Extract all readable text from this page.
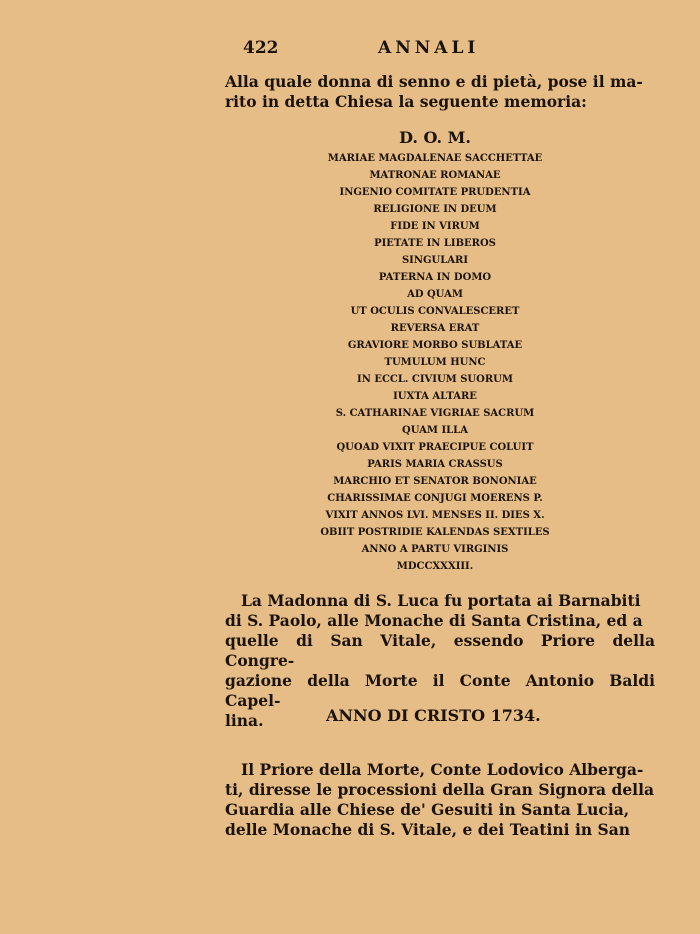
422	ANNALI
Alla quale donna di senno e di pietà, pose il ma-
rito in detta Chiesa la seguente memoria:
D. O. M.
MARIAE MAGDALENAE SACCHETTAE
MATRONAE ROMANAE
INGENIO COMITATE PRUDENTIA
RELIGIONE IN DEUM
FIDE IN VIRUM
PIETATE IN LIBEROS
SINGULARI
PATERNA IN DOMO
AD QUAM
UT OCULIS CONVALESCERET
REVERSA ERAT
GRAVIORE MORBO SUBLATAE
TUMULUM HUNC
IN ECCL. CIVIUM SUORUM
IUXTA ALTARE
S. CATHARINAE VIGRIAE SACRUM
QUAM ILLA
QUOAD VIXIT PRAECIPUE COLUIT
PARIS MARIA CRASSUS
MARCHIO ET SENATOR BONONIAE
CHARISSIMAE CONJUGI MOERENS P.
VIXIT ANNOS LVI. MENSES II. DIES X.
OBIIT POSTRIDIE KALENDAS SEXTILES
ANNO A PARTU VIRGINIS
MDCCXXXIII.
La Madonna di S. Luca fu portata ai Barnabiti
di S. Paolo, alle Monache di Santa Cristina, ed a
quelle di San Vitale, essendo Priore della Congre-
gazione della Morte il Conte Antonio Baldi Capel-
lina.	ANNO DI CRISTO 1734.
Il Priore della Morte, Conte Lodovico Alberga-
ti, diresse le processioni della Gran Signora della
Guardia alle Chiese de' Gesuiti in Santa Lucia,
delle Monache di S. Vitale, e dei Teatini in San
